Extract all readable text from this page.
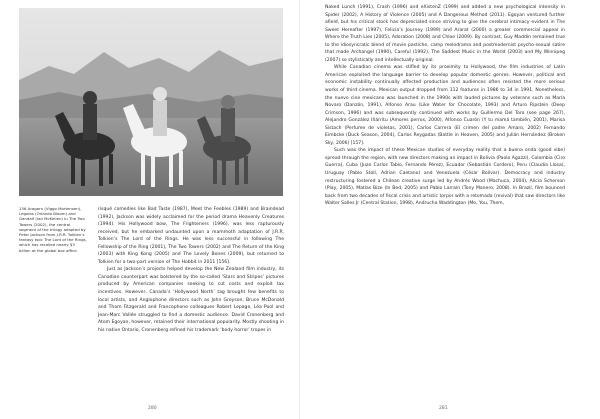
156 Aragorn (Viggo Mortensen), Legolas (Orlando Bloom) and Gandalf (Ian McKellen) in The Two Towers (2002), the central segment of the trilogy adapted by Peter Jackson from J.R.R. Tolkien’s fantasy epic The Lord of the Rings, which has recalled nearly $3 billion at the global box office.

risqué comedies like Bad Taste (1987), Meet the Feebles (1989) and Braindead (1992), Jackson was widely acclaimed for the period drama Heavenly Creatures (1994). His Hollywood bow, The Frighteners (1996), was less rapturously received, but he embarked undaunted upon a mammoth adaptation of J.R.R. Tolkien’s The Lord of the Rings. He was less successful in following The Fellowship of the Ring (2001), The Two Towers (2002) and The Return of the King (2003) with King Kong (2005) and The Lovely Bones (2009), but returned to Tolkien for a two-part version of The Hobbit in 2011 [156].

Just as Jackson’s projects helped develop the New Zealand film industry, its Canadian counterpart was bolstered by the so-called ‘Stars and Stripes’ pictures produced by American companies seeking to cut costs and exploit tax incentives. However, Canada’s ‘Hollywood North’ tag brought few benefits to local artists, and Anglophone directors such as John Greyson, Bruce McDonald and Thom Fitzgerald and Francophone colleagues Robert Lepage, Léa Pool and Jean-Marc Vallée struggled to find a domestic audience. David Cronenberg and Atom Egoyan, however, retained their international popularity. Mostly shooting in his native Ontario, Cronenberg refined his trademark ‘body horror’ tropes in

280

Naked Lunch (1991), Crash (1996) and eXistenZ (1999) and added a new psychological intensity in Spider (2002), A History of Violence (2005) and A Dangerous Method (2011). Egoyan ventured further afield, but his critical stock has depreciated since striving to give the cerebral intimacy evident in The Sweet Hereafter (1997), Felicia’s Journey (1999) and Ararat (2000) a greater commercial appeal in Where the Truth Lies (2005), Adoration (2008) and Chloe (2009). By contrast, Guy Maddin remained true to the idiosyncratic blend of movie pastiche, camp melodrama and postmodernist psycho-sexual satire that made Archangel (1990), Careful (1992), The Saddest Music in the World (2003) and My Winnipeg (2007) so stylistically and intellectually original.

While Canadian cinema was stifled by its proximity to Hollywood, the film industries of Latin American exploited the language barrier to develop popular domestic genres. However, political and economic instability continually affected production and audiences often resisted the more serious works of third cinema. Mexican output dropped from 112 features in 1986 to 34 in 1991. Nonetheless, the nuevo cine mexicano was launched in the 1990s with lauded pictures by veterans such as María Novaro (Danzón, 1991), Alfonso Arau (Like Water for Chocolate, 1993) and Arturo Ripstein (Deep Crimson, 1996) and was subsequently continued with works by Guillermo Del Toro (see page 267), Alejandro González Iñárritu (Amores perros, 2000), Alfonso Cuarón (Y tu mamá también, 2001), Marisa Sistach (Perfume de violetas, 2001), Carlos Carrera (El crimen del padre Amaro, 2002) Fernando Eimbcke (Duck Season, 2004), Carlos Reygadas (Battle in Heaven, 2005) and Julián Hernández (Broken Sky, 2006) [157].

Such was the impact of these Mexican studies of everyday reality that a buena onda (good vibe) spread through the region, with new directors making an impact in Bolivia (Paolo Agazzi), Colombia (Ciro Guerra), Cuba (Juan Carlos Tabío, Fernando Pérez), Ecuador (Sebastián Cordero), Peru (Claudia Llosa), Uruguay (Pablo Stoll, Adrian Caetano) and Venezuela (César Bolívar). Democracy and industry restructuring fostered a Chilean creative surge led by Andrés Wood (Machuca, 2004), Alicia Scherson (Play, 2005), Matías Bize (In Bed, 2005) and Pablo Larraín (Tony Manero, 2008). In Brazil, film bounced back from two decades of fiscal crisis and artistic torpor with a retomada (revival) that saw directors like Walter Salles Jr (Central Station, 1998), Andrucha Waddington (Me, You, Them,

281
